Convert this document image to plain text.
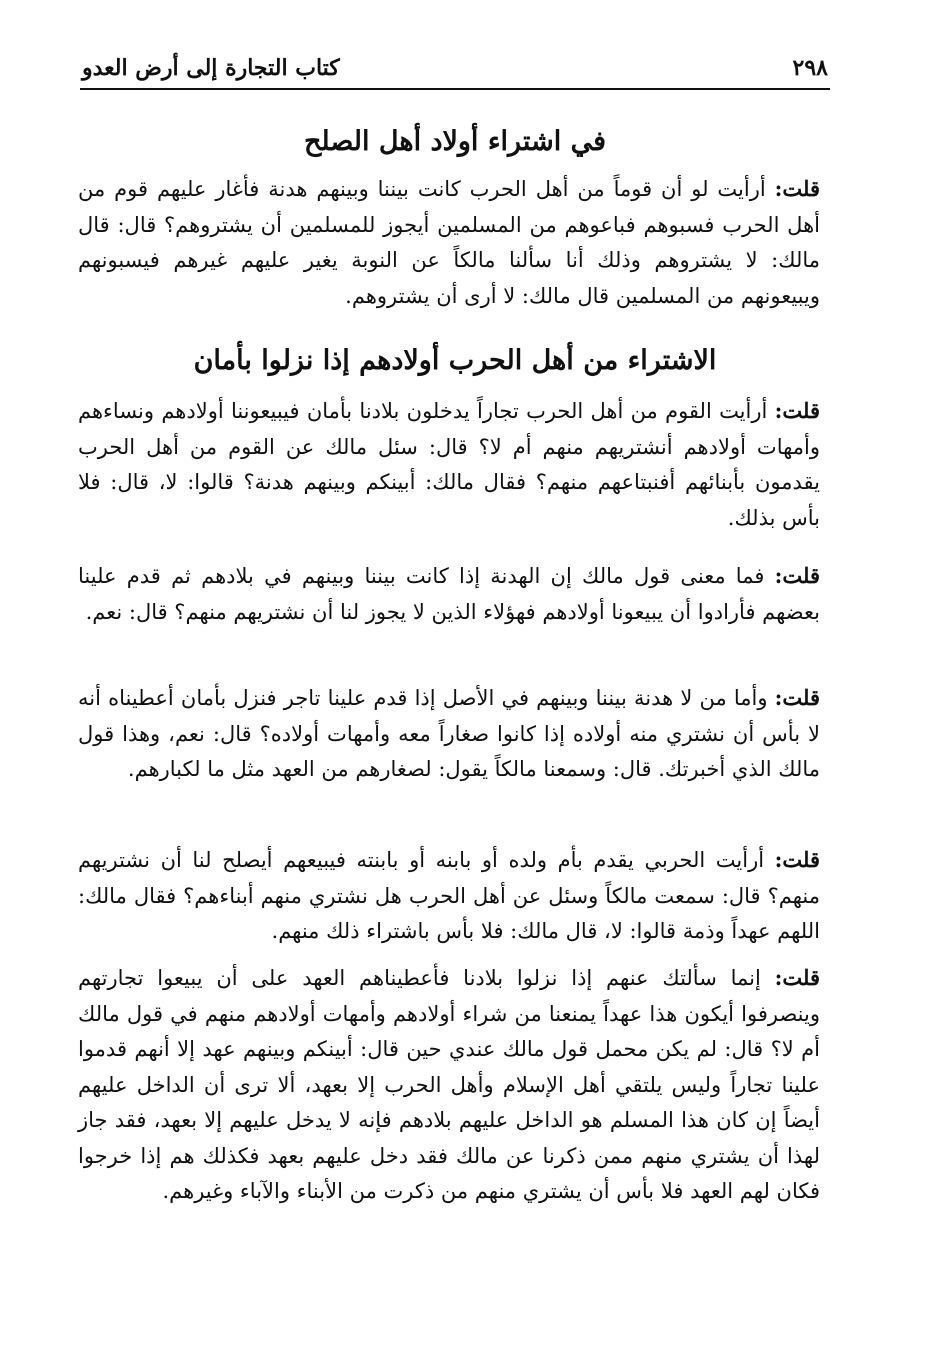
٢٩٨
كتاب التجارة إلى أرض العدو
في اشتراء أولاد أهل الصلح

قلت: أرأيت لو أن قوماً من أهل الحرب كانت بيننا وبينهم هدنة فأغار عليهم قوم من أهل الحرب فسبوهم فباعوهم من المسلمين أيجوز للمسلمين أن يشتروهم؟ قال: قال مالك: لا يشتروهم وذلك أنا سألنا مالكاً عن النوبة يغير عليهم غيرهم فيسبونهم ويبيعونهم من المسلمين قال مالك: لا أرى أن يشتروهم.

الاشتراء من أهل الحرب أولادهم إذا نزلوا بأمان

قلت: أرأيت القوم من أهل الحرب تجاراً يدخلون بلادنا بأمان فيبيعوننا أولادهم ونساءهم وأمهات أولادهم أنشتريهم منهم أم لا؟ قال: سئل مالك عن القوم من أهل الحرب يقدمون بأبنائهم أفنبتاعهم منهم؟ فقال مالك: أبينكم وبينهم هدنة؟ قالوا: لا، قال: فلا بأس بذلك.

قلت: فما معنى قول مالك إن الهدنة إذا كانت بيننا وبينهم في بلادهم ثم قدم علينا بعضهم فأرادوا أن يبيعونا أولادهم فهؤلاء الذين لا يجوز لنا أن نشتريهم منهم؟ قال: نعم.

قلت: وأما من لا هدنة بيننا وبينهم في الأصل إذا قدم علينا تاجر فنزل بأمان أعطيناه أنه لا بأس أن نشتري منه أولاده إذا كانوا صغاراً معه وأمهات أولاده؟ قال: نعم، وهذا قول مالك الذي أخبرتك. قال: وسمعنا مالكاً يقول: لصغارهم من العهد مثل ما لكبارهم.

قلت: أرأيت الحربي يقدم بأم ولده أو بابنه أو بابنته فيبيعهم أيصلح لنا أن نشتريهم منهم؟ قال: سمعت مالكاً وسئل عن أهل الحرب هل نشتري منهم أبناءهم؟ فقال مالك: اللهم عهداً وذمة قالوا: لا، قال مالك: فلا بأس باشتراء ذلك منهم.

قلت: إنما سألتك عنهم إذا نزلوا بلادنا فأعطيناهم العهد على أن يبيعوا تجارتهم وينصرفوا أيكون هذا عهداً يمنعنا من شراء أولادهم وأمهات أولادهم منهم في قول مالك أم لا؟ قال: لم يكن محمل قول مالك عندي حين قال: أبينكم وبينهم عهد إلا أنهم قدموا علينا تجاراً وليس يلتقي أهل الإسلام وأهل الحرب إلا بعهد، ألا ترى أن الداخل عليهم أيضاً إن كان هذا المسلم هو الداخل عليهم بلادهم فإنه لا يدخل عليهم إلا بعهد، فقد جاز لهذا أن يشتري منهم ممن ذكرنا عن مالك فقد دخل عليهم بعهد فكذلك هم إذا خرجوا فكان لهم العهد فلا بأس أن يشتري منهم من ذكرت من الأبناء والآباء وغيرهم.
